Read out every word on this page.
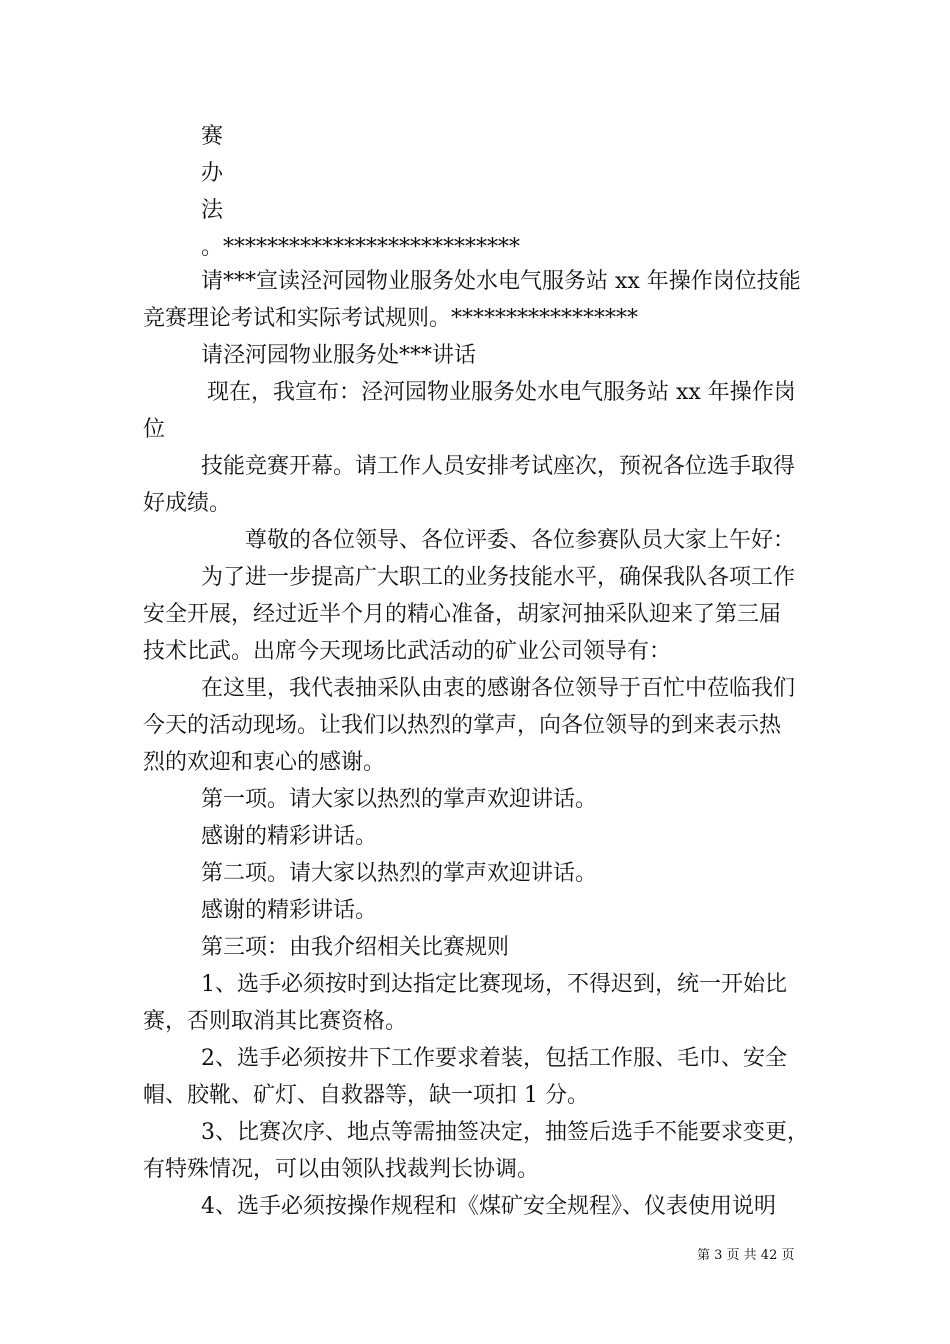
赛
办
法
。***************************
请***宣读泾河园物业服务处水电气服务站 xx 年操作岗位技能
竞赛理论考试和实际考试规则。*****************
请泾河园物业服务处***讲话
现在，我宣布：泾河园物业服务处水电气服务站 xx 年操作岗
位
技能竞赛开幕。请工作人员安排考试座次，预祝各位选手取得
好成绩。
尊敬的各位领导、各位评委、各位参赛队员大家上午好：
为了进一步提高广大职工的业务技能水平，确保我队各项工作
安全开展，经过近半个月的精心准备，胡家河抽采队迎来了第三届
技术比武。出席今天现场比武活动的矿业公司领导有：
在这里，我代表抽采队由衷的感谢各位领导于百忙中莅临我们
今天的活动现场。让我们以热烈的掌声，向各位领导的到来表示热
烈的欢迎和衷心的感谢。
第一项。请大家以热烈的掌声欢迎讲话。
感谢的精彩讲话。
第二项。请大家以热烈的掌声欢迎讲话。
感谢的精彩讲话。
第三项：由我介绍相关比赛规则
1、选手必须按时到达指定比赛现场，不得迟到，统一开始比
赛，否则取消其比赛资格。
2、选手必须按井下工作要求着装，包括工作服、毛巾、安全
帽、胶靴、矿灯、自救器等，缺一项扣 1 分。
3、比赛次序、地点等需抽签决定，抽签后选手不能要求变更，
有特殊情况，可以由领队找裁判长协调。
4、选手必须按操作规程和《煤矿安全规程》、仪表使用说明
第 3 页 共 42 页
